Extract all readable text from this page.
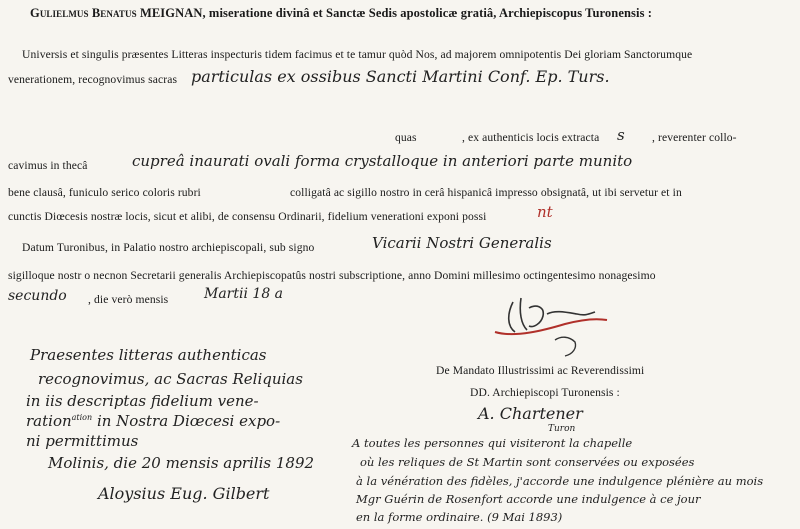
Gulielmus Benatus MEIGNAN, miseratione divinâ et Sanctæ Sedis apostolicæ gratiâ, Archiepiscopus Turonensis :
Universis et singulis præsentes Litteras inspecturis tidem facimus et te tamur quòd Nos, ad majorem omnipotentis Dei gloriam Sanctorumque
venerationem, recognovimus sacras particulas ex ossibus Sancti Martini Conf. Ep. Turs.
quas	, ex authenticis locis extracta s , reverenter collo-
cavimus in thecâ	cupreâ inaurati ovali forma crystalloque in anteriori parte munito
bene clausâ, funiculo serico coloris rubri	colligatâ ac sigillo nostro in cerâ hispanicâ impresso obsignatâ, ut ibi servetur et in
cunctis Diœcesis nostræ locis, sicut et alibi, de consensu Ordinarii, fidelium venerationi exponi possi	nt
Datum Turonibus, in Palatio nostro archiepiscopali, sub signo	Vicarii Nostri Generalis
sigilloque nostr o necnon Secretarii generalis Archiepiscopatûs nostri subscriptione, anno Domini millesimo octingentesimo nonagesimo
secundo , die verò mensis	Martii 18 a
De Mandato Illustrissimi ac Reverendissimi
DD. Archiepiscopi Turonensis :
Praesentes litteras authenticas
recognovimus, ac Sacras Reliquias
in iis descriptas fidelium vene-
ration$^{ation}$ in Nostra Diœcesi expo-
ni permittimus
Molinis, die 20 mensis aprilis 1892
Aloysius Eug. Gilbert
A. Chartener
Turon
A toutes les personnes qui visiteront la chapelle
où les reliques de St Martin sont conservées ou exposées
à la vénération des fidèles, j'accorde une indulgence plénière au mois
Mgr Guérin de Rosenfort accorde une indulgence à ce jour
en la forme ordinaire. (9 Mai 1893)
